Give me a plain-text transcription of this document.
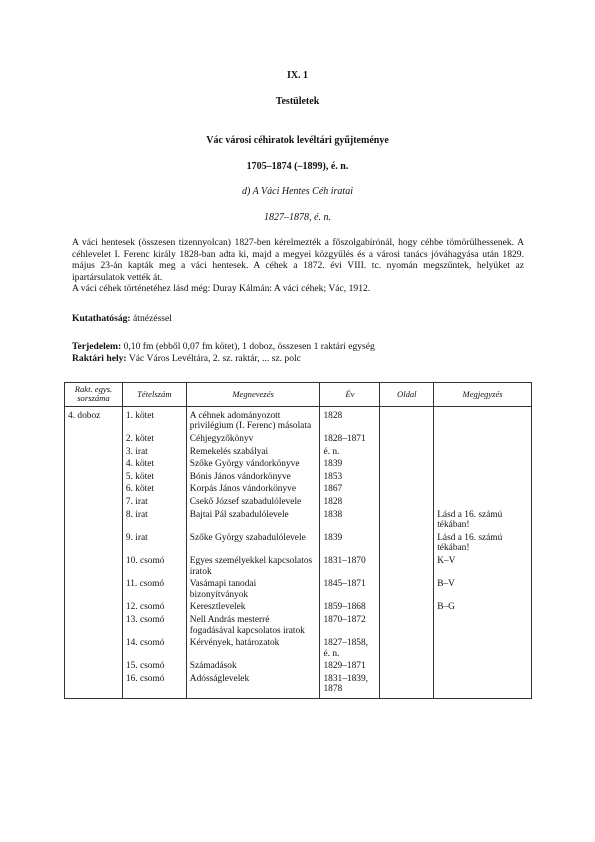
IX. 1
Testületek
Vác városi céhiratok levéltári gyűjteménye
1705–1874 (–1899), é. n.
d) A Váci Hentes Céh iratai
1827–1878, é. n.

A váci hentesek (összesen tizennyolcan) 1827-ben kérelmezték a főszolgabírónál, hogy céhbe tömörülhessenek. A céhlevelet I. Ferenc király 1828-ban adta ki, majd a megyei közgyűlés és a városi tanács jóváhagyása után 1829. május 23-án kapták meg a váci hentesek. A céhek a 1872. évi VIII. tc. nyomán megszűntek, helyüket az ipartársulatok vették át.

A váci céhek történetéhez lásd még: Duray Kálmán: A váci céhek; Vác, 1912.

Kutathatóság: átnézéssel
Terjedelem: 0,10 fm (ebből 0,07 fm kötet), 1 doboz, összesen 1 raktári egység
Raktári hely: Vác Város Levéltára, 2. sz. raktár, ... sz. polc
Rakt. egys. sorszáma	Tételszám	Megnevezés	Év	Oldal	Megjegyzés
4. doboz	1. kötet	A céhnek adományozott privilégium (I. Ferenc) másolata	1828		
	2. kötet	Céhjegyzőkönyv	1828–1871		
	3. irat	Remekelés szabályai	é. n.		
	4. kötet	Szőke György vándorkönyve	1839		
	5. kötet	Bónis János vándorkönyve	1853		
	6. kötet	Korpás János vándorkönyve	1867		
	7. irat	Csekő József szabadulólevele	1828		
	8. irat	Bajtai Pál szabadulólevele	1838		Lásd a 16. számú tékában!
	9. irat	Szőke György szabadulólevele	1839		Lásd a 16. számú tékában!
	10. csomó	Egyes személyekkel kapcsolatos iratok	1831–1870		K–V
	11. csomó	Vasámapi tanodai bizonyítványok	1845–1871		B–V
	12. csomó	Keresztlevelek	1859–1868		B–G
	13. csomó	Nell András mesterré fogadásával kapcsolatos iratok	1870–1872		
	14. csomó	Kérvények, határozatok	1827–1858, é. n.		
	15. csomó	Számadások	1829–1871		
	16. csomó	Adósságlevelek	1831–1839, 1878		
